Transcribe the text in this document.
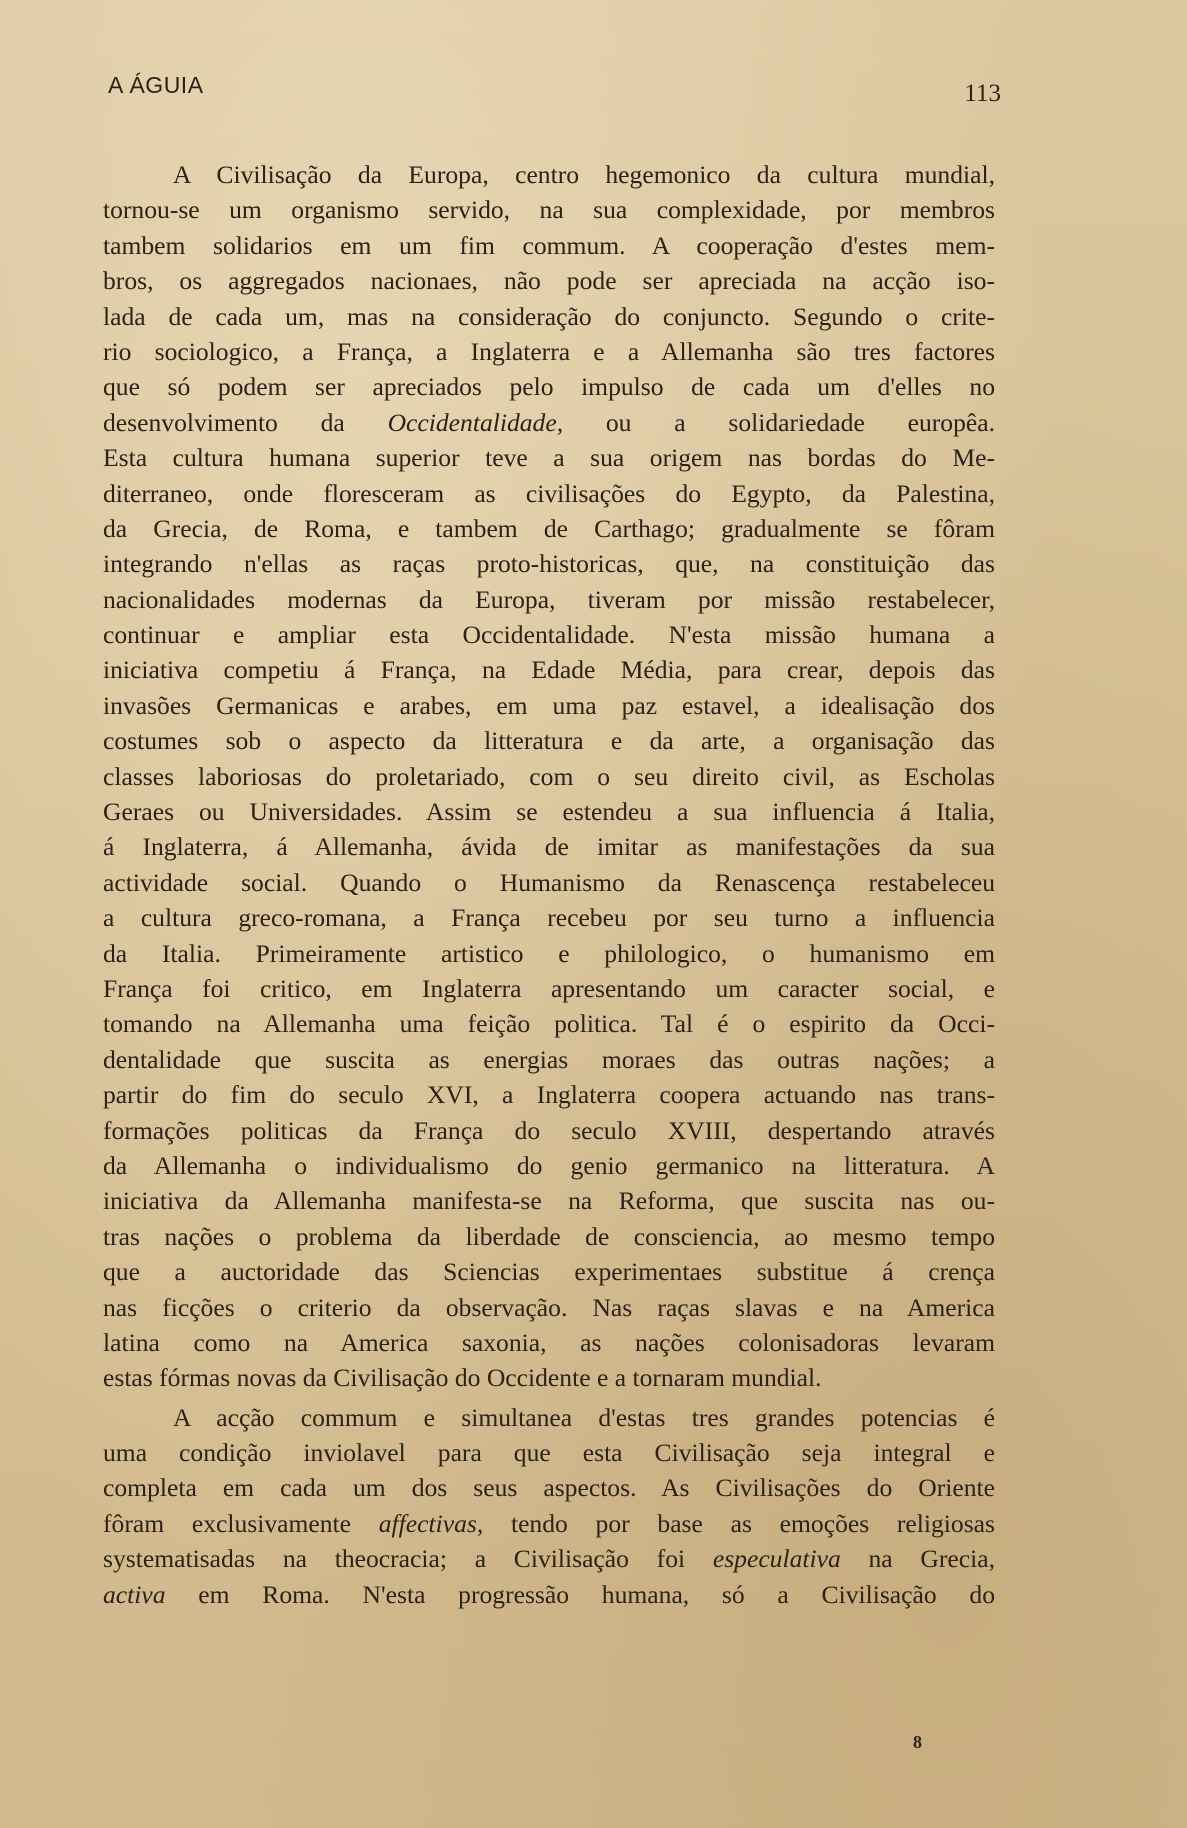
A ÁGUIA	113
A Civilisação da Europa, centro hegemonico da cultura mundial,
tornou-se um organismo servido, na sua complexidade, por membros
tambem solidarios em um fim commum. A cooperação d'estes mem-
bros, os aggregados nacionaes, não pode ser apreciada na acção iso-
lada de cada um, mas na consideração do conjuncto. Segundo o crite-
rio sociologico, a França, a Inglaterra e a Allemanha são tres factores
que só podem ser apreciados pelo impulso de cada um d'elles no
desenvolvimento da Occidentalidade, ou a solidariedade europêa.
Esta cultura humana superior teve a sua origem nas bordas do Me-
diterraneo, onde floresceram as civilisações do Egypto, da Palestina,
da Grecia, de Roma, e tambem de Carthago; gradualmente se fôram
integrando n'ellas as raças proto-historicas, que, na constituição das
nacionalidades modernas da Europa, tiveram por missão restabelecer,
continuar e ampliar esta Occidentalidade. N'esta missão humana a
iniciativa competiu á França, na Edade Média, para crear, depois das
invasões Germanicas e arabes, em uma paz estavel, a idealisação dos
costumes sob o aspecto da litteratura e da arte, a organisação das
classes laboriosas do proletariado, com o seu direito civil, as Escholas
Geraes ou Universidades. Assim se estendeu a sua influencia á Italia,
á Inglaterra, á Allemanha, ávida de imitar as manifestações da sua
actividade social. Quando o Humanismo da Renascença restabeleceu
a cultura greco-romana, a França recebeu por seu turno a influencia
da Italia. Primeiramente artistico e philologico, o humanismo em
França foi critico, em Inglaterra apresentando um caracter social, e
tomando na Allemanha uma feição politica. Tal é o espirito da Occi-
dentalidade que suscita as energias moraes das outras nações; a
partir do fim do seculo XVI, a Inglaterra coopera actuando nas trans-
formações politicas da França do seculo XVIII, despertando através
da Allemanha o individualismo do genio germanico na litteratura. A
iniciativa da Allemanha manifesta-se na Reforma, que suscita nas ou-
tras nações o problema da liberdade de consciencia, ao mesmo tempo
que a auctoridade das Sciencias experimentaes substitue á crença
nas ficções o criterio da observação. Nas raças slavas e na America
latina como na America saxonia, as nações colonisadoras levaram
estas fórmas novas da Civilisação do Occidente e a tornaram mundial.
A acção commum e simultanea d'estas tres grandes potencias é
uma condição inviolavel para que esta Civilisação seja integral e
completa em cada um dos seus aspectos. As Civilisações do Oriente
fôram exclusivamente affectivas, tendo por base as emoções religiosas
systematisadas na theocracia; a Civilisação foi especulativa na Grecia,
activa em Roma. N'esta progressão humana, só a Civilisação do
8
